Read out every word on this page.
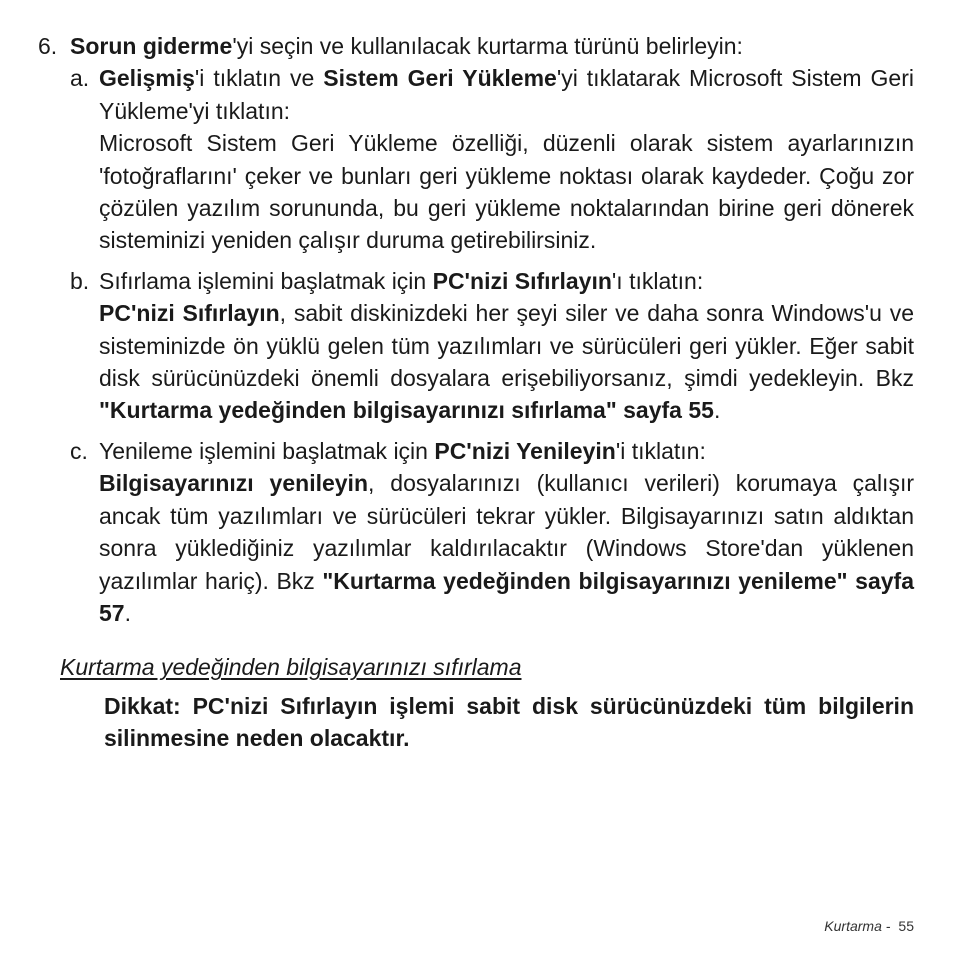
6. Sorun giderme'yi seçin ve kullanılacak kurtarma türünü belirleyin:
a. Gelişmiş'i tıklatın ve Sistem Geri Yükleme'yi tıklatarak Microsoft Sistem Geri Yükleme'yi tıklatın:

Microsoft Sistem Geri Yükleme özelliği, düzenli olarak sistem ayarlarınızın 'fotoğraflarını' çeker ve bunları geri yükleme noktası olarak kaydeder. Çoğu zor çözülen yazılım sorununda, bu geri yükleme noktalarından birine geri dönerek sisteminizi yeniden çalışır duruma getirebilirsiniz.

b. Sıfırlama işlemini başlatmak için PC'nizi Sıfırlayın'ı tıklatın:

PC'nizi Sıfırlayın, sabit diskinizdeki her şeyi siler ve daha sonra Windows'u ve sisteminizde ön yüklü gelen tüm yazılımları ve sürücüleri geri yükler. Eğer sabit disk sürücünüzdeki önemli dosyalara erişebiliyorsanız, şimdi yedekleyin. Bkz "Kurtarma yedeğinden bilgisayarınızı sıfırlama" sayfa 55.

c. Yenileme işlemini başlatmak için PC'nizi Yenileyin'i tıklatın:

Bilgisayarınızı yenileyin, dosyalarınızı (kullanıcı verileri) korumaya çalışır ancak tüm yazılımları ve sürücüleri tekrar yükler. Bilgisayarınızı satın aldıktan sonra yüklediğiniz yazılımlar kaldırılacaktır (Windows Store'dan yüklenen yazılımlar hariç). Bkz "Kurtarma yedeğinden bilgisayarınızı yenileme" sayfa 57.

Kurtarma yedeğinden bilgisayarınızı sıfırlama
Dikkat: PC'nizi Sıfırlayın işlemi sabit disk sürücünüzdeki tüm bilgilerin silinmesine neden olacaktır.
Kurtarma - 55
